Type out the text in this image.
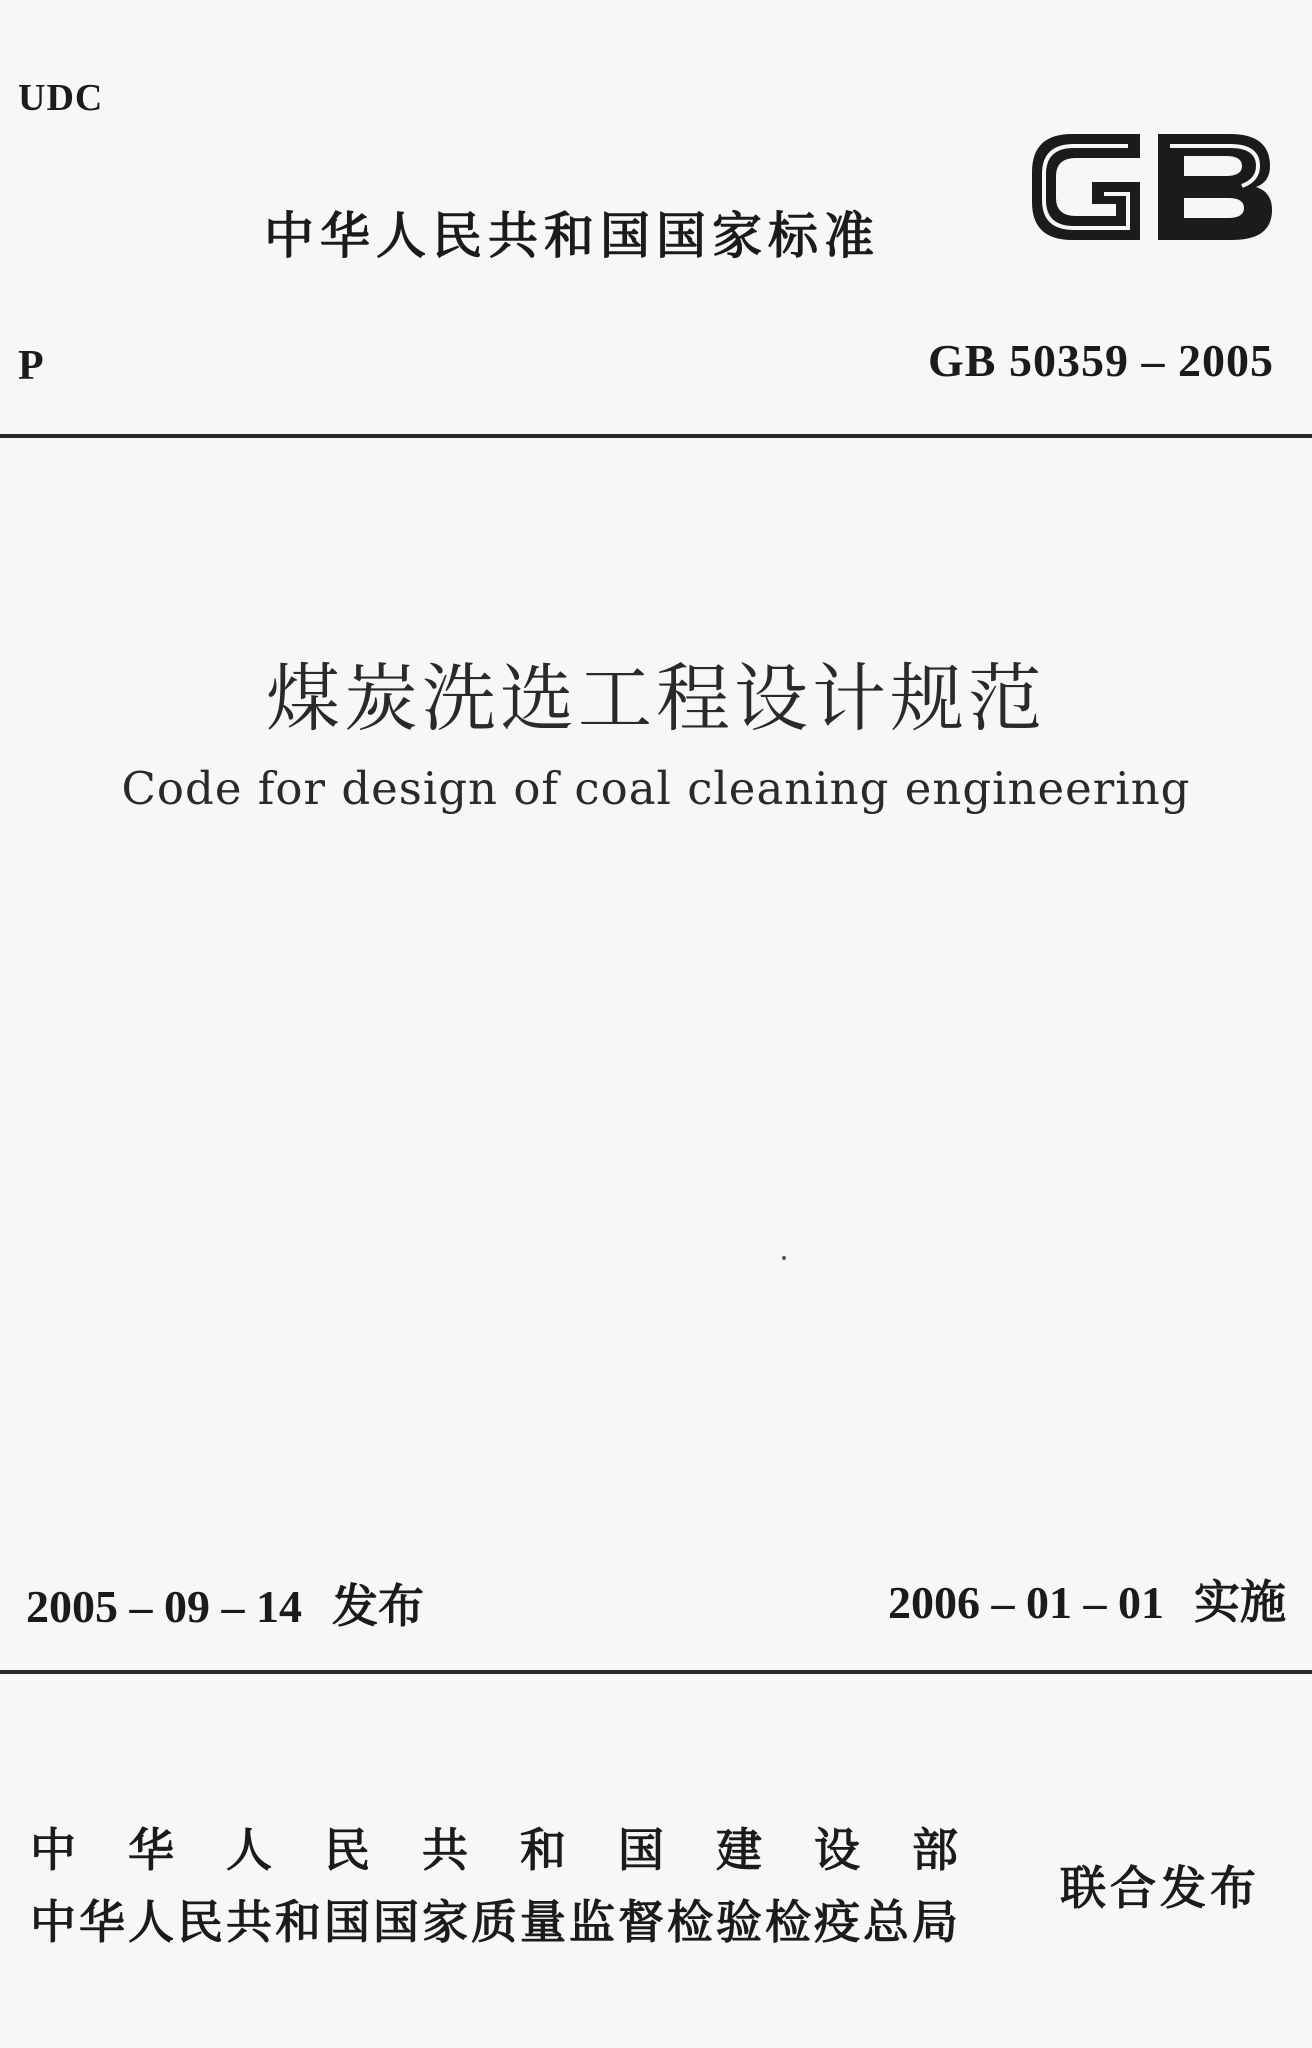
UDC
中华人民共和国国家标准
P	GB 50359 – 2005
煤炭洗选工程设计规范
Code for design of coal cleaning engineering
2005 – 09 – 14 发布	2006 – 01 – 01 实施
中华人民共和国建设部
中华人民共和国国家质量监督检验检疫总局
联合发布
